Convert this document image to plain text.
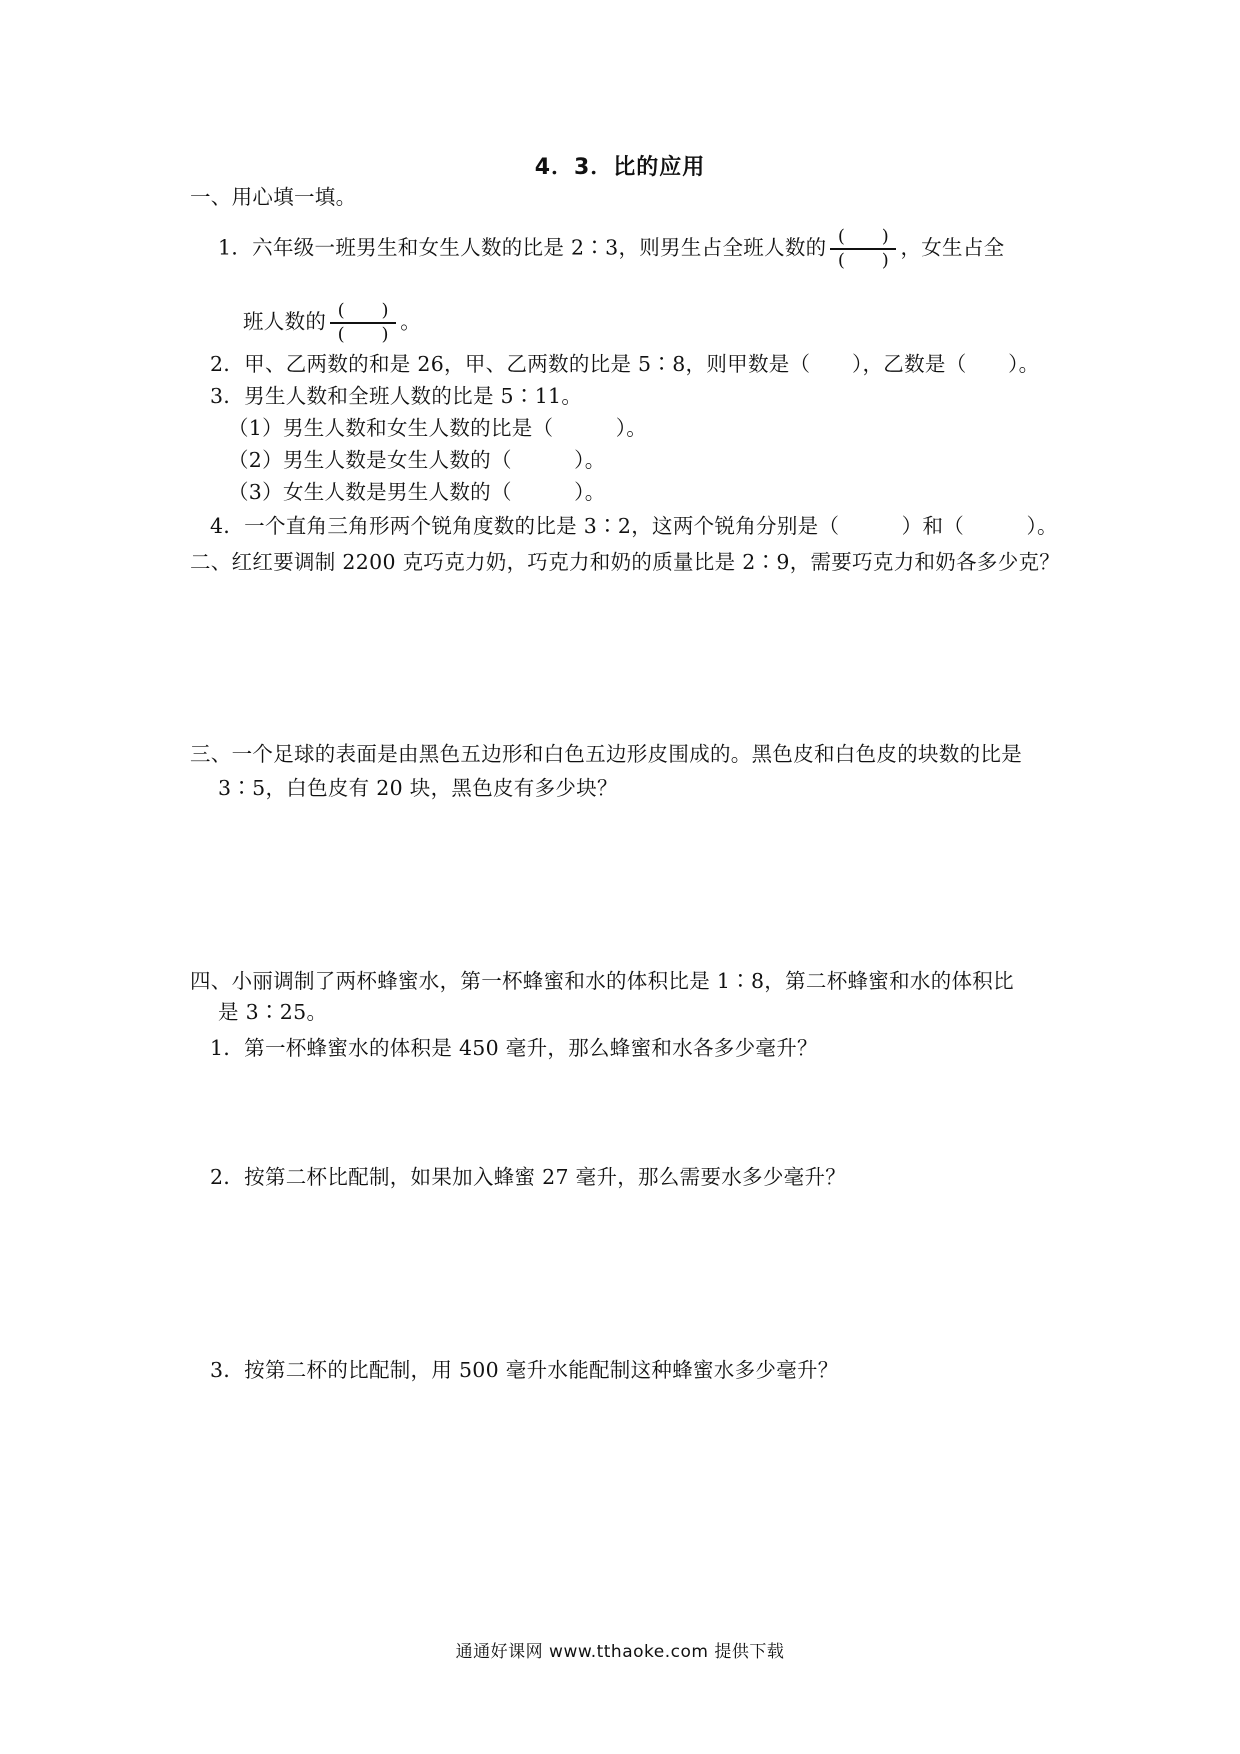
4．3．比的应用
一、用心填一填。
1．六年级一班男生和女生人数的比是 2∶3，则男生占全班人数的 $\frac{( )}{( )}$ ，女生占全
班人数的 $\frac{( )}{( )}$ 。
2．甲、乙两数的和是 26，甲、乙两数的比是 5∶8，则甲数是（　　），乙数是（　　）。
3．男生人数和全班人数的比是 5∶11。
（1）男生人数和女生人数的比是（　　　）。
（2）男生人数是女生人数的（　　　）。
（3）女生人数是男生人数的（　　　）。
4．一个直角三角形两个锐角度数的比是 3∶2，这两个锐角分别是（　　　）和（　　　）。
二、红红要调制 2200 克巧克力奶，巧克力和奶的质量比是 2∶9，需要巧克力和奶各多少克？
三、一个足球的表面是由黑色五边形和白色五边形皮围成的。黑色皮和白色皮的块数的比是
3∶5，白色皮有 20 块，黑色皮有多少块？
四、小丽调制了两杯蜂蜜水，第一杯蜂蜜和水的体积比是 1∶8，第二杯蜂蜜和水的体积比
是 3∶25。
1．第一杯蜂蜜水的体积是 450 毫升，那么蜂蜜和水各多少毫升？
2．按第二杯比配制，如果加入蜂蜜 27 毫升，那么需要水多少毫升？
3．按第二杯的比配制，用 500 毫升水能配制这种蜂蜜水多少毫升？
通通好课网 www.tthaoke.com 提供下载
